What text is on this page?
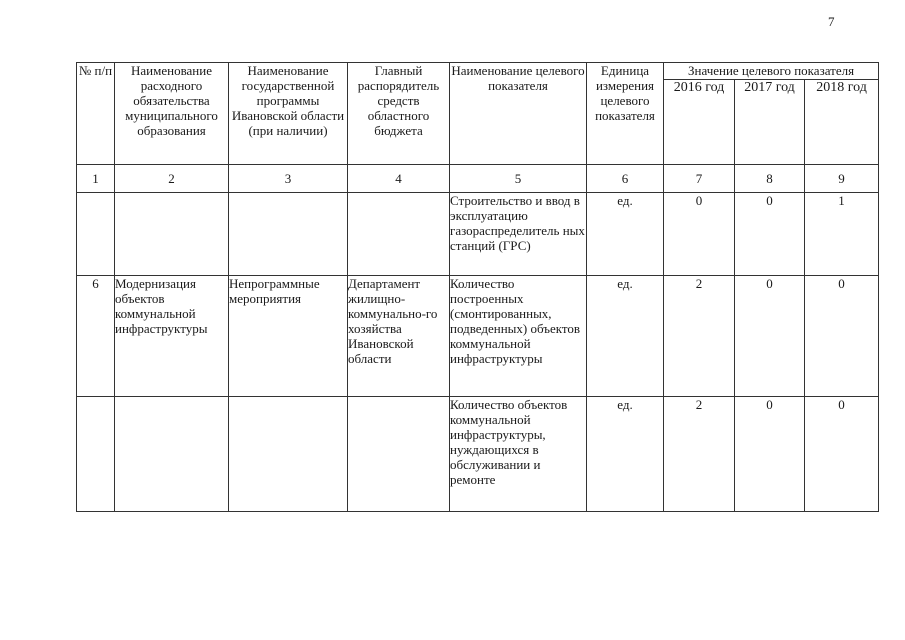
7
№ п/п	Наименование расходного обязательства муниципального образования	Наименование государственной программы Ивановской области (при наличии)	Главный распорядитель средств областного бюджета	Наименование целевого показателя	Единица измерения целевого показателя	Значение целевого показателя		
						2016 год	2017 год	2018 год
1	2	3	4	5	6	7	8	9
				Строительство и ввод в эксплуатацию газораспределитель ных станций (ГРС)	ед.	0	0	1
6	Модернизация объектов коммунальной инфраструктуры	Непрограммные мероприятия	Департамент жилищно-коммунально-го хозяйства Ивановской области	Количество построенных (смонтированных, подведенных) объектов коммунальной инфраструктуры	ед.	2	0	0
				Количество объектов коммунальной инфраструктуры, нуждающихся в обслуживании и ремонте	ед.	2	0	0
